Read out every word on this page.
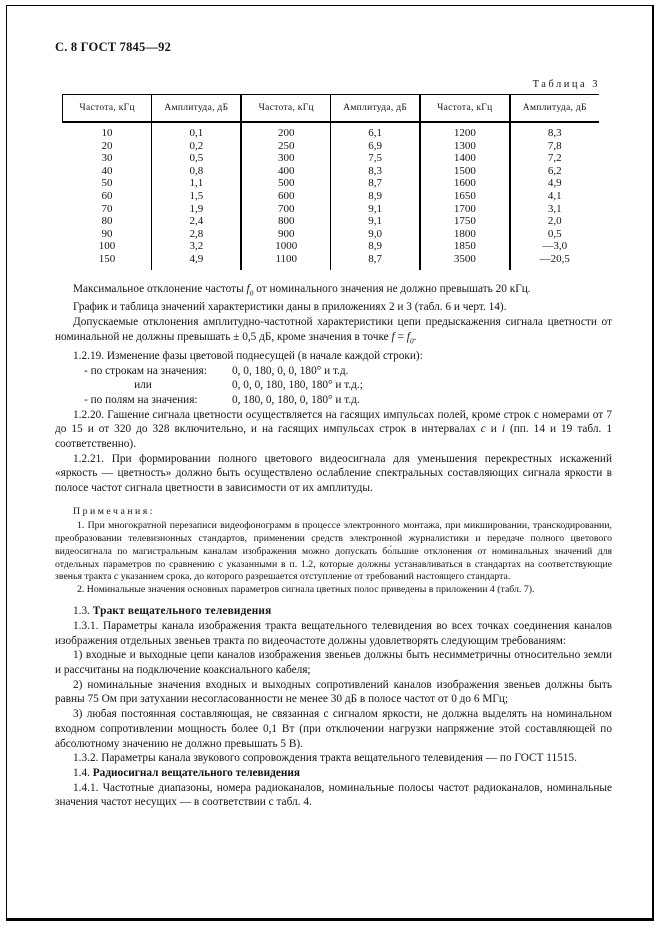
С. 8 ГОСТ 7845—92
Таблица 3
Частота, кГц	Амплитуда, дБ	Частота, кГц	Амплитуда, дБ	Частота, кГц	Амплитуда, дБ
10	0,1	200	6,1	1200	8,3
20	0,2	250	6,9	1300	7,8
30	0,5	300	7,5	1400	7,2
40	0,8	400	8,3	1500	6,2
50	1,1	500	8,7	1600	4,9
60	1,5	600	8,9	1650	4,1
70	1,9	700	9,1	1700	3,1
80	2,4	800	9,1	1750	2,0
90	2,8	900	9,0	1800	0,5
100	3,2	1000	8,9	1850	—3,0
150	4,9	1100	8,7	3500	—20,5

Максимальное отклонение частоты $f_0$ от номинального значения не должно превышать 20 кГц.

График и таблица значений характеристики даны в приложениях 2 и 3 (табл. 6 и черт. 14).

Допускаемые отклонения амплитудно-частотной характеристики цепи предыскажения сигнала цветности от номинальной не должны превышать ± 0,5 дБ, кроме значения в точке $f = f_0$.

1.2.19. Изменение фазы цветовой поднесущей (в начале каждой строки):

- по строкам на значения:	0, 0, 180, 0, 0, 180° и т.д.
или	0, 0, 0, 180, 180, 180° и т.д.;
- по полям на значения:	0, 180, 0, 180, 0, 180° и т.д.

1.2.20. Гашение сигнала цветности осуществляется на гасящих импульсах полей, кроме строк с номерами от 7 до 15 и от 320 до 328 включительно, и на гасящих импульсах строк в интервалах c и i (пп. 14 и 19 табл. 1 соответственно).

1.2.21. При формировании полного цветового видеосигнала для уменьшения перекрестных искажений «яркость — цветность» должно быть осуществлено ослабление спектральных составляющих сигнала яркости в полосе частот сигнала цветности в зависимости от их амплитуды.

Примечания:

1. При многократной перезаписи видеофонограмм в процессе электронного монтажа, при микшировании, транскодировании, преобразовании телевизионных стандартов, применении средств электронной журналистики и передаче полного цветового видеосигнала по магистральным каналам изображения можно допускать бо́льшие отклонения от номинальных значений для отдельных параметров по сравнению с указанными в п. 1.2, которые должны устанавливаться в стандартах на соответствующие звенья тракта с указанием срока, до которого разрешается отступление от требований настоящего стандарта.

2. Номинальные значения основных параметров сигнала цветных полос приведены в приложении 4 (табл. 7).

1.3. Тракт вещательного телевидения

1.3.1. Параметры канала изображения тракта вещательного телевидения во всех точках соединения каналов изображения отдельных звеньев тракта по видеочастоте должны удовлетворять следующим требованиям:

1) входные и выходные цепи каналов изображения звеньев должны быть несимметричны относительно земли и рассчитаны на подключение коаксиального кабеля;

2) номинальные значения входных и выходных сопротивлений каналов изображения звеньев должны быть равны 75 Ом при затухании несогласованности не менее 30 дБ в полосе частот от 0 до 6 МГц;

3) любая постоянная составляющая, не связанная с сигналом яркости, не должна выделять на номинальном входном сопротивлении мощность более 0,1 Вт (при отключении нагрузки напряжение этой составляющей по абсолютному значению не должно превышать 5 В).

1.3.2. Параметры канала звукового сопровождения тракта вещательного телевидения — по ГОСТ 11515.

1.4. Радиосигнал вещательного телевидения

1.4.1. Частотные диапазоны, номера радиоканалов, номинальные полосы частот радиоканалов, номинальные значения частот несущих — в соответствии с табл. 4.
